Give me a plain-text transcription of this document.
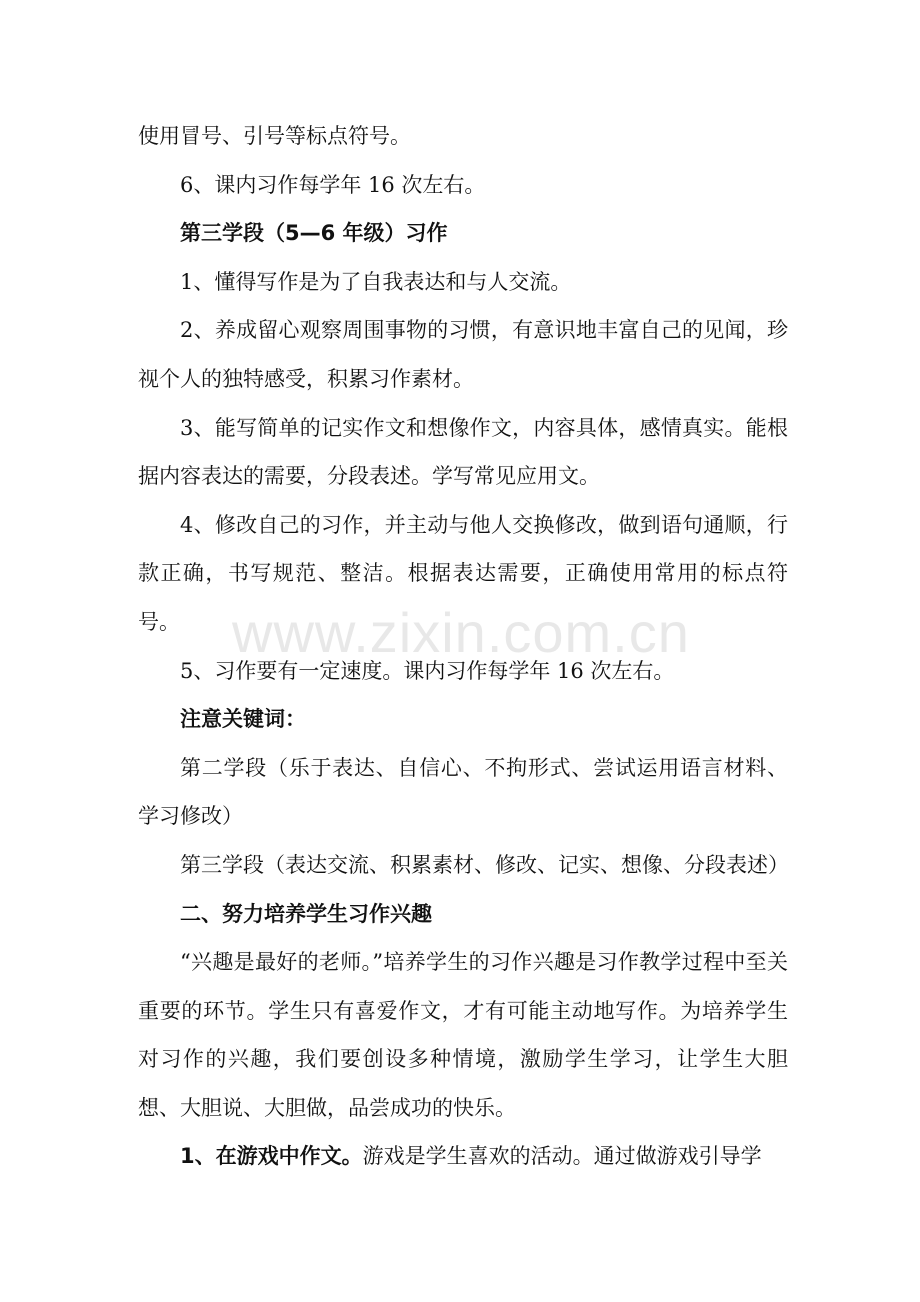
使用冒号、引号等标点符号。

6、课内习作每学年 16 次左右。

第三学段（5—6 年级）习作

1、懂得写作是为了自我表达和与人交流。

2、养成留心观察周围事物的习惯，有意识地丰富自己的见闻，珍视个人的独特感受，积累习作素材。

3、能写简单的记实作文和想像作文，内容具体，感情真实。能根据内容表达的需要，分段表述。学写常见应用文。

4、修改自己的习作，并主动与他人交换修改，做到语句通顺，行款正确，书写规范、整洁。根据表达需要，正确使用常用的标点符号。

5、习作要有一定速度。课内习作每学年 16 次左右。

注意关键词：

第二学段（乐于表达、自信心、不拘形式、尝试运用语言材料、学习修改）

第三学段（表达交流、积累素材、修改、记实、想像、分段表述）

二、努力培养学生习作兴趣

“兴趣是最好的老师。”培养学生的习作兴趣是习作教学过程中至关重要的环节。学生只有喜爱作文，才有可能主动地写作。为培养学生对习作的兴趣，我们要创设多种情境，激励学生学习，让学生大胆想、大胆说、大胆做，品尝成功的快乐。

1、在游戏中作文。游戏是学生喜欢的活动。通过做游戏引导学

www.zixin.com.cn
